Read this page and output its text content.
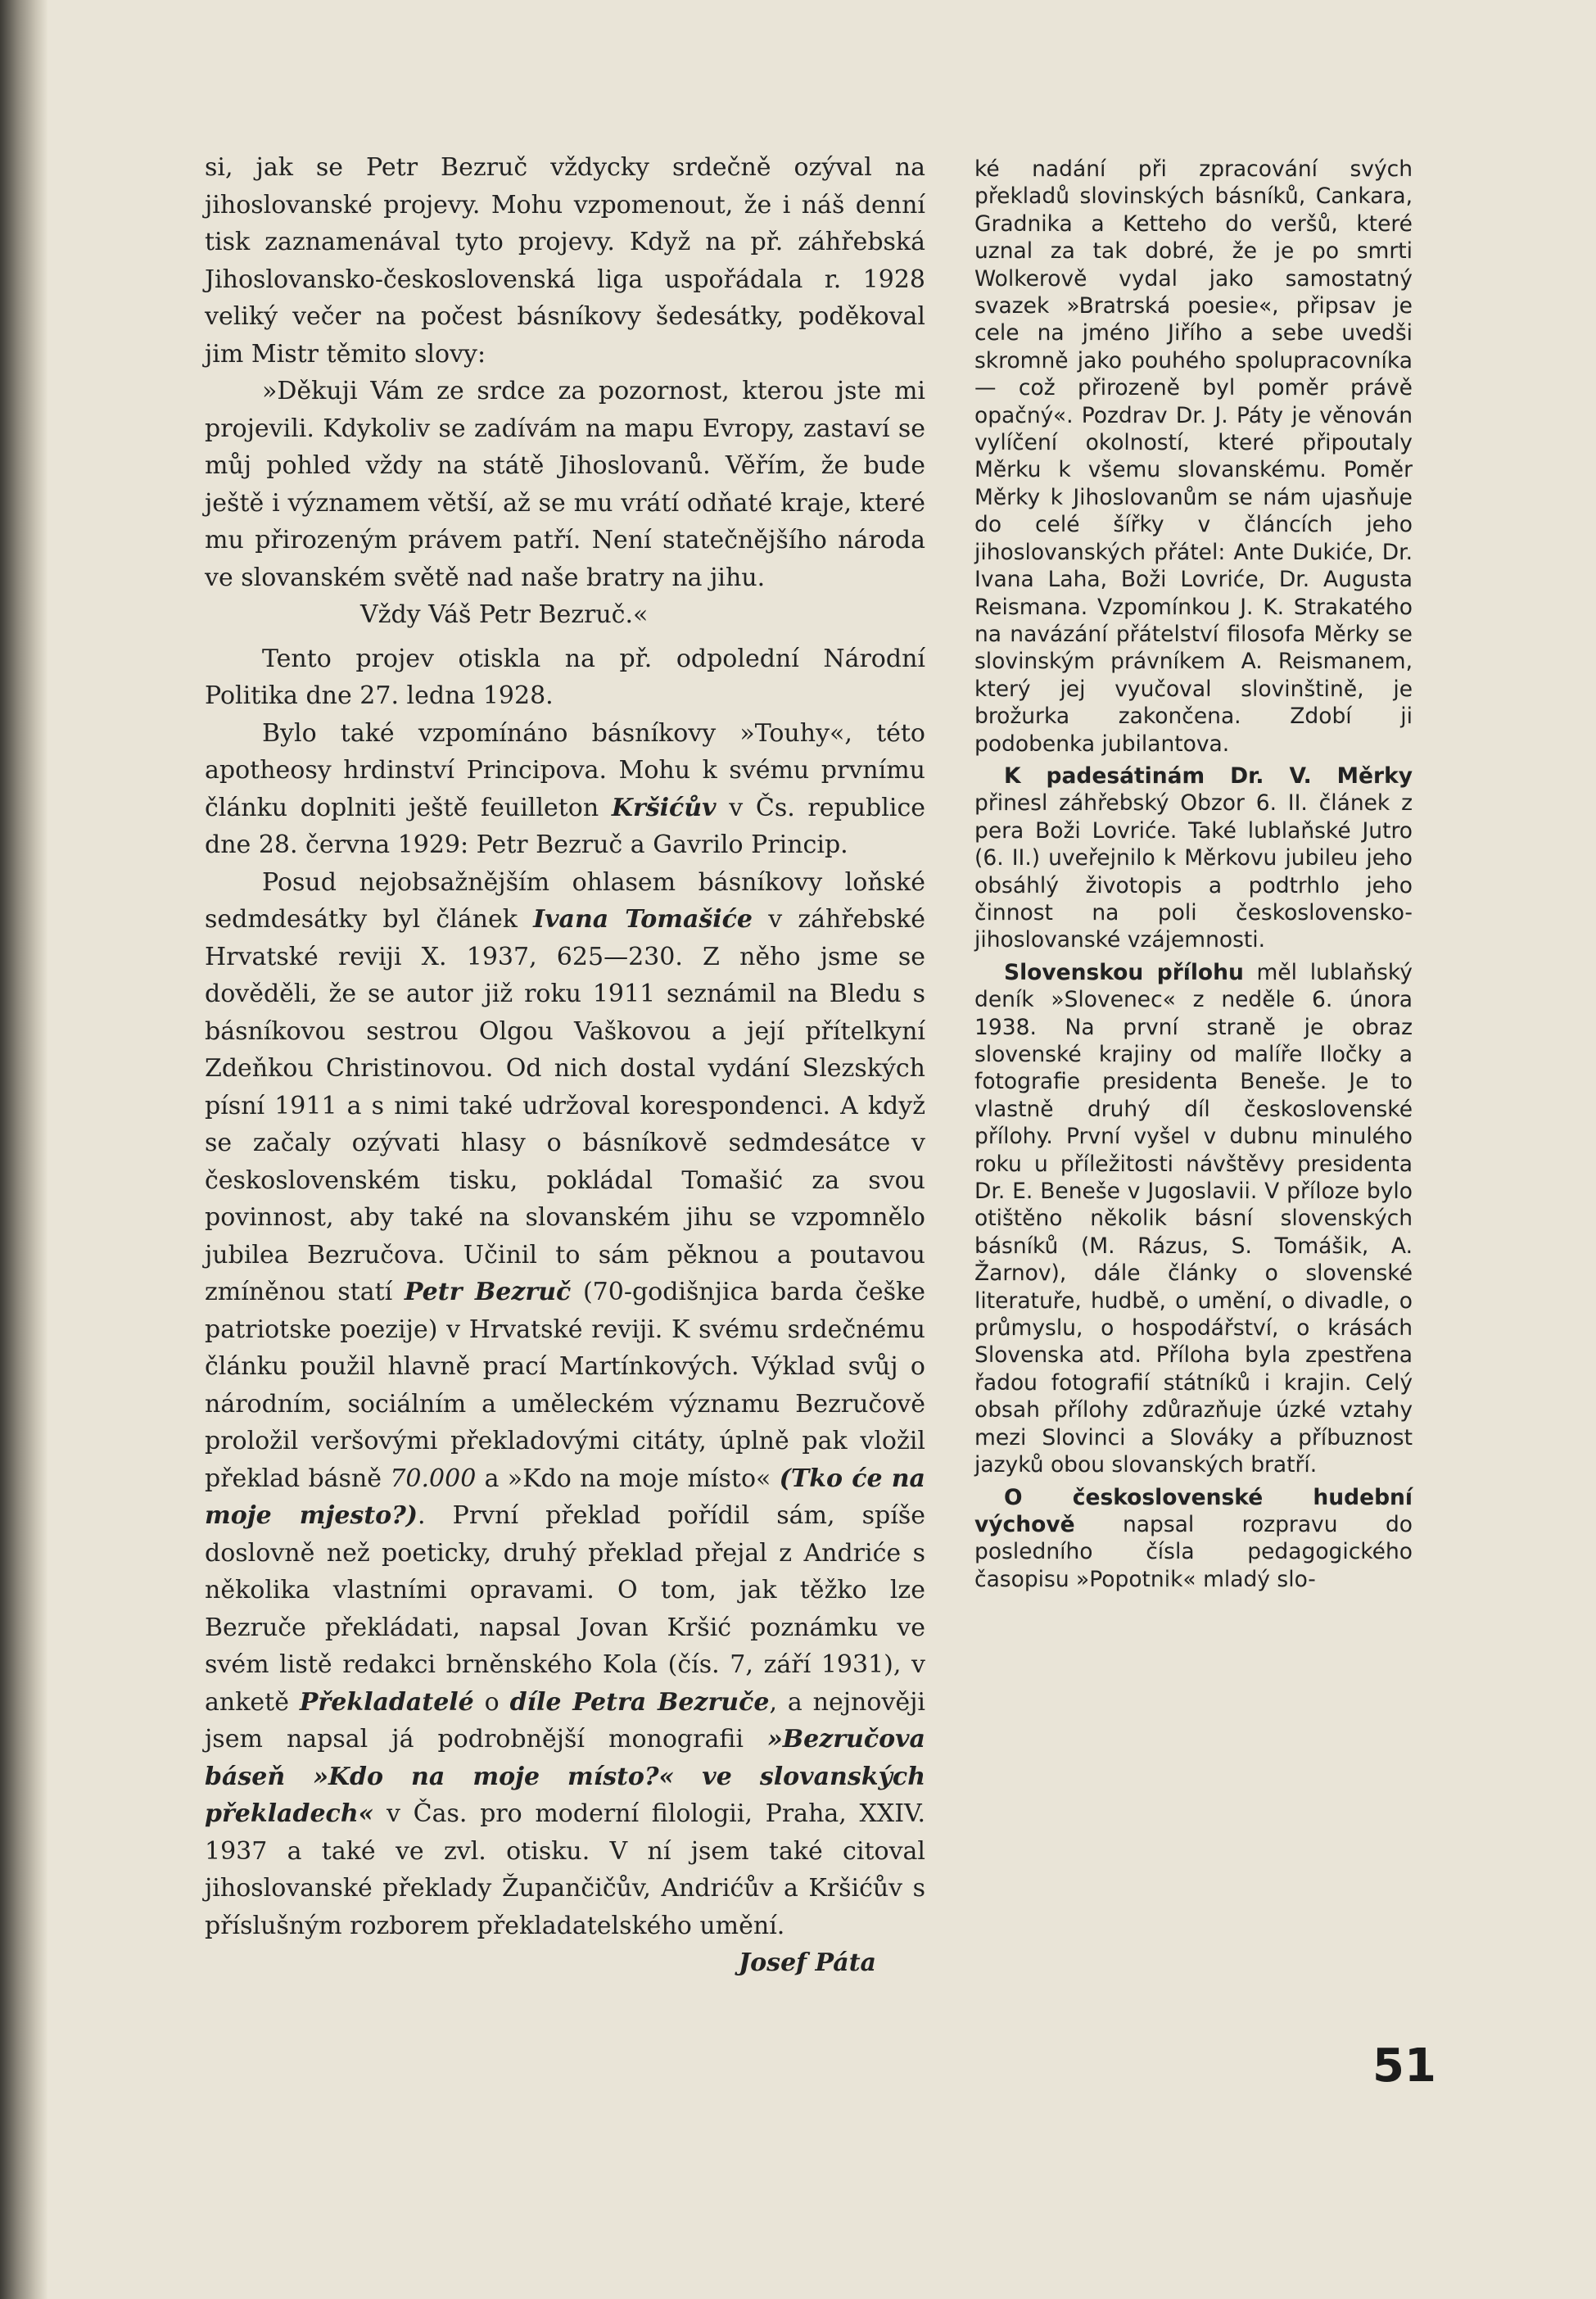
si, jak se Petr Bezruč vždycky srdečně ozýval na jihoslovanské projevy. Mohu vzpomenout, že i náš denní tisk zaznamenával tyto projevy. Když na př. záhřebská Jihoslovansko-československá liga uspořádala r. 1928 veliký večer na počest básníkovy šedesátky, poděkoval jim Mistr těmito slovy:

»Děkuji Vám ze srdce za pozornost, kterou jste mi projevili. Kdykoliv se zadívám na mapu Evropy, zastaví se můj pohled vždy na státě Jihoslovanů. Věřím, že bude ještě i významem větší, až se mu vrátí odňaté kraje, které mu přirozeným právem patří. Není statečnějšího národa ve slovanském světě nad naše bratry na jihu.

Vždy Váš Petr Bezruč.«

Tento projev otiskla na př. odpolední Národní Politika dne 27. ledna 1928.

Bylo také vzpomínáno básníkovy »Touhy«, této apotheosy hrdinství Principova. Mohu k svému prvnímu článku doplniti ještě feuilleton Kršićův v Čs. republice dne 28. června 1929: Petr Bezruč a Gavrilo Princip.

Posud nejobsažnějším ohlasem básníkovy loňské sedmdesátky byl článek Ivana Tomašiće v záhřebské Hrvatské reviji X. 1937, 625—230. Z něho jsme se dověděli, že se autor již roku 1911 seznámil na Bledu s básníkovou sestrou Olgou Vaškovou a její přítelkyní Zdeňkou Christinovou. Od nich dostal vydání Slezských písní 1911 a s nimi také udržoval korespondenci. A když se začaly ozývati hlasy o básníkově sedmdesátce v československém tisku, pokládal Tomašić za svou povinnost, aby také na slovanském jihu se vzpomnělo jubilea Bezručova. Učinil to sám pěknou a poutavou zmíněnou statí Petr Bezruč (70-godišnjica barda češke patriotske poezije) v Hrvatské reviji. K svému srdečnému článku použil hlavně prací Martínkových. Výklad svůj o národním, sociálním a uměleckém významu Bezručově proložil veršovými překladovými citáty, úplně pak vložil překlad básně 70.000 a »Kdo na moje místo« (Tko će na moje mjesto?). První překlad pořídil sám, spíše doslovně než poeticky, druhý překlad přejal z Andriće s několika vlastními opravami. O tom, jak těžko lze Bezruče překládati, napsal Jovan Kršić poznámku ve svém listě redakci brněnského Kola (čís. 7, září 1931), v anketě Překladatelé o díle Petra Bezruče, a nejnověji jsem napsal já podrobnější monografii »Bezručova báseň »Kdo na moje místo?« ve slovanských překladech« v Čas. pro moderní filologii, Praha, XXIV. 1937 a také ve zvl. otisku. V ní jsem také citoval jihoslovanské překlady Župančičův, Andrićův a Kršićův s příslušným rozborem překladatelského umění.

Josef Páta

ké nadání při zpracování svých překladů slovinských básníků, Cankara, Gradnika a Ketteho do veršů, které uznal za tak dobré, že je po smrti Wolkerově vydal jako samostatný svazek »Bratrská poesie«, připsav je cele na jméno Jiřího a sebe uvedši skromně jako pouhého spolupracovníka — což přirozeně byl poměr právě opačný«. Pozdrav Dr. J. Páty je věnován vylíčení okolností, které připoutaly Měrku k všemu slovanskému. Poměr Měrky k Jihoslovanům se nám ujasňuje do celé šířky v článcích jeho jihoslovanských přátel: Ante Dukiće, Dr. Ivana Laha, Boži Lovriće, Dr. Augusta Reismana. Vzpomínkou J. K. Strakatého na navázání přátelství filosofa Měrky se slovinským právníkem A. Reismanem, který jej vyučoval slovinštině, je brožurka zakončena. Zdobí ji podobenka jubilantova.

K padesátinám Dr. V. Měrky přinesl záhřebský Obzor 6. II. článek z pera Boži Lovriće. Také lublaňské Jutro (6. II.) uveřejnilo k Měrkovu jubileu jeho obsáhlý životopis a podtrhlo jeho činnost na poli československo-jihoslovanské vzájemnosti.

Slovenskou přílohu měl lublaňský deník »Slovenec« z neděle 6. února 1938. Na první straně je obraz slovenské krajiny od malíře Iločky a fotografie presidenta Beneše. Je to vlastně druhý díl československé přílohy. První vyšel v dubnu minulého roku u příležitosti návštěvy presidenta Dr. E. Beneše v Jugoslavii. V příloze bylo otištěno několik básní slovenských básníků (M. Rázus, S. Tomášik, A. Žarnov), dále články o slovenské literatuře, hudbě, o umění, o divadle, o průmyslu, o hospodářství, o krásách Slovenska atd. Příloha byla zpestřena řadou fotografií státníků i krajin. Celý obsah přílohy zdůrazňuje úzké vztahy mezi Slovinci a Slováky a příbuznost jazyků obou slovanských bratří.

O československé hudební výchově napsal rozpravu do posledního čísla pedagogického časopisu »Popotnik« mladý slo-

51
